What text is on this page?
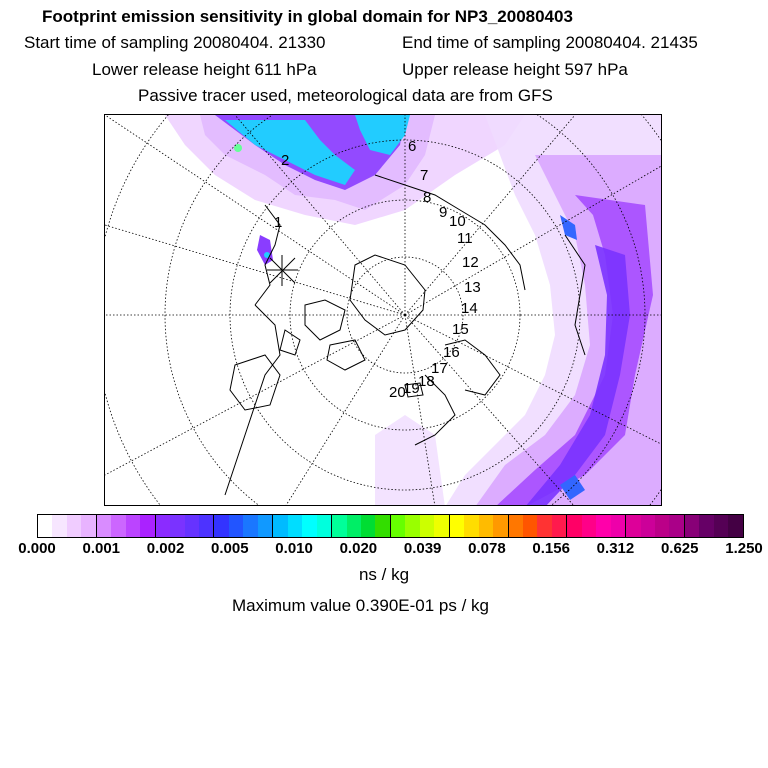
Footprint emission sensitivity in global domain for NP3_20080403
Start time of sampling 20080404. 21330	End time of sampling 20080404. 21435
Lower release height 611 hPa	Upper release height 597 hPa
Passive tracer used, meteorological data are from GFS
1
2
6
7
8
9
10
11
12
13
14
15
16
17
18
19
20
0.000 0.001 0.002 0.005 0.010 0.020 0.039 0.078 0.156 0.312 0.625 1.250
ns / kg
Maximum value 0.390E-01 ps / kg
